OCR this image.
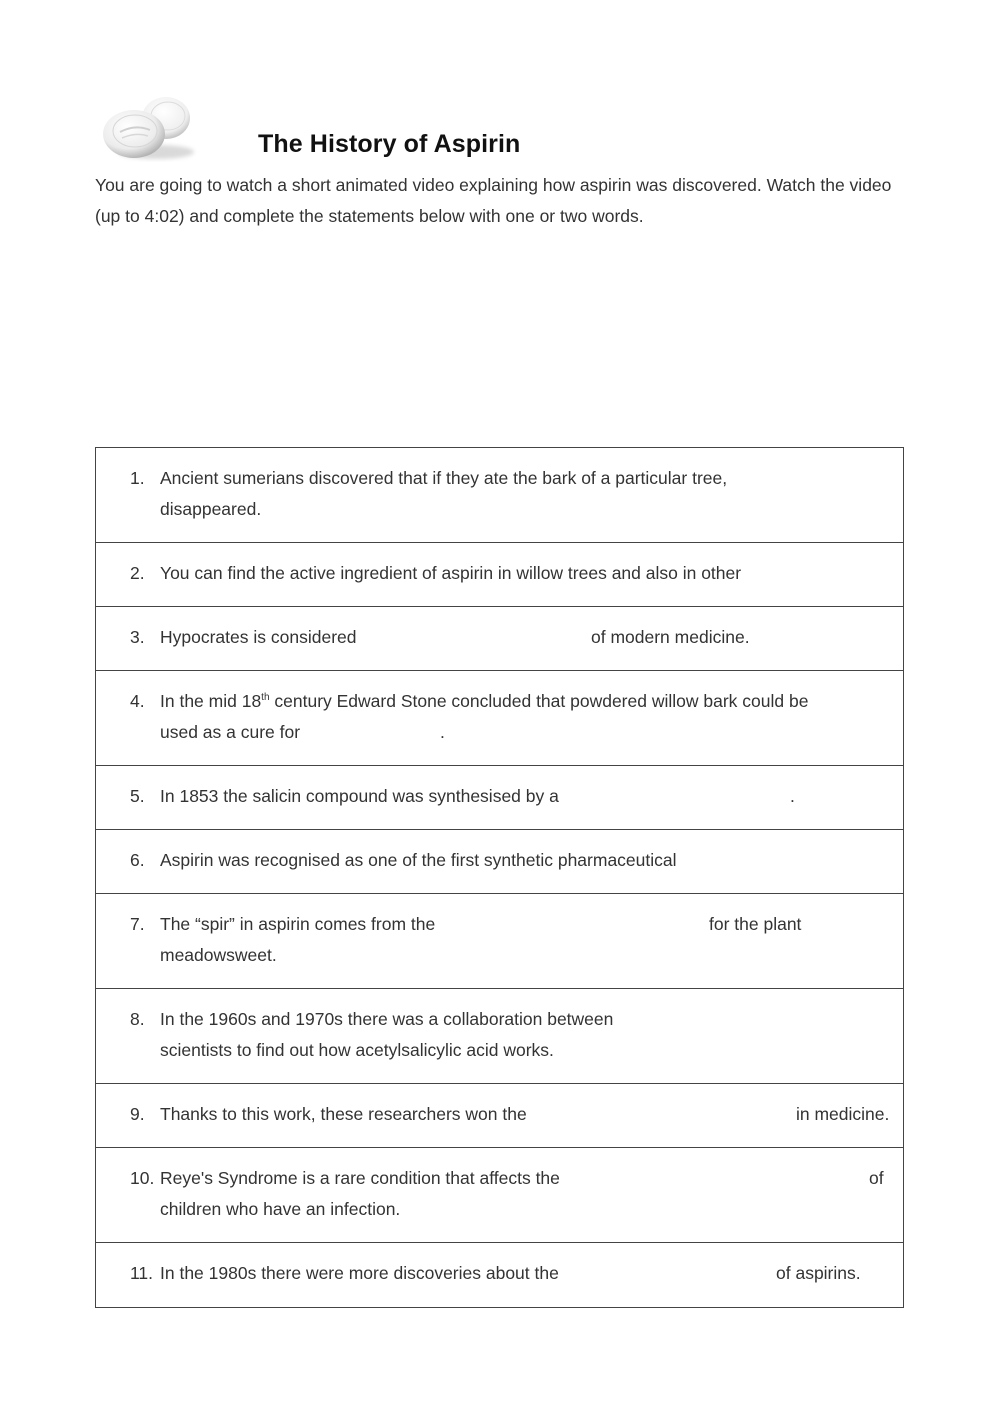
The History of Aspirin

You are going to watch a short animated video explaining how aspirin was discovered. Watch the video (up to 4:02) and complete the statements below with one or two words.

1. Ancient sumerians discovered that if they ate the bark of a particular tree,
disappeared.
2. You can find the active ingredient of aspirin in willow trees and also in other
3. Hypocrates is considered	of modern medicine.
4. In the mid 18th century Edward Stone concluded that powdered willow bark could be
used as a cure for	.
5. In 1853 the salicin compound was synthesised by a	.
6. Aspirin was recognised as one of the first synthetic pharmaceutical
7. The “spir” in aspirin comes from the	for the plant
meadowsweet.
8. In the 1960s and 1970s there was a collaboration between
scientists to find out how acetylsalicylic acid works.
9. Thanks to this work, these researchers won the	in medicine.
10. Reye's Syndrome is a rare condition that affects the	of
children who have an infection.
11. In the 1980s there were more discoveries about the	of aspirins.
